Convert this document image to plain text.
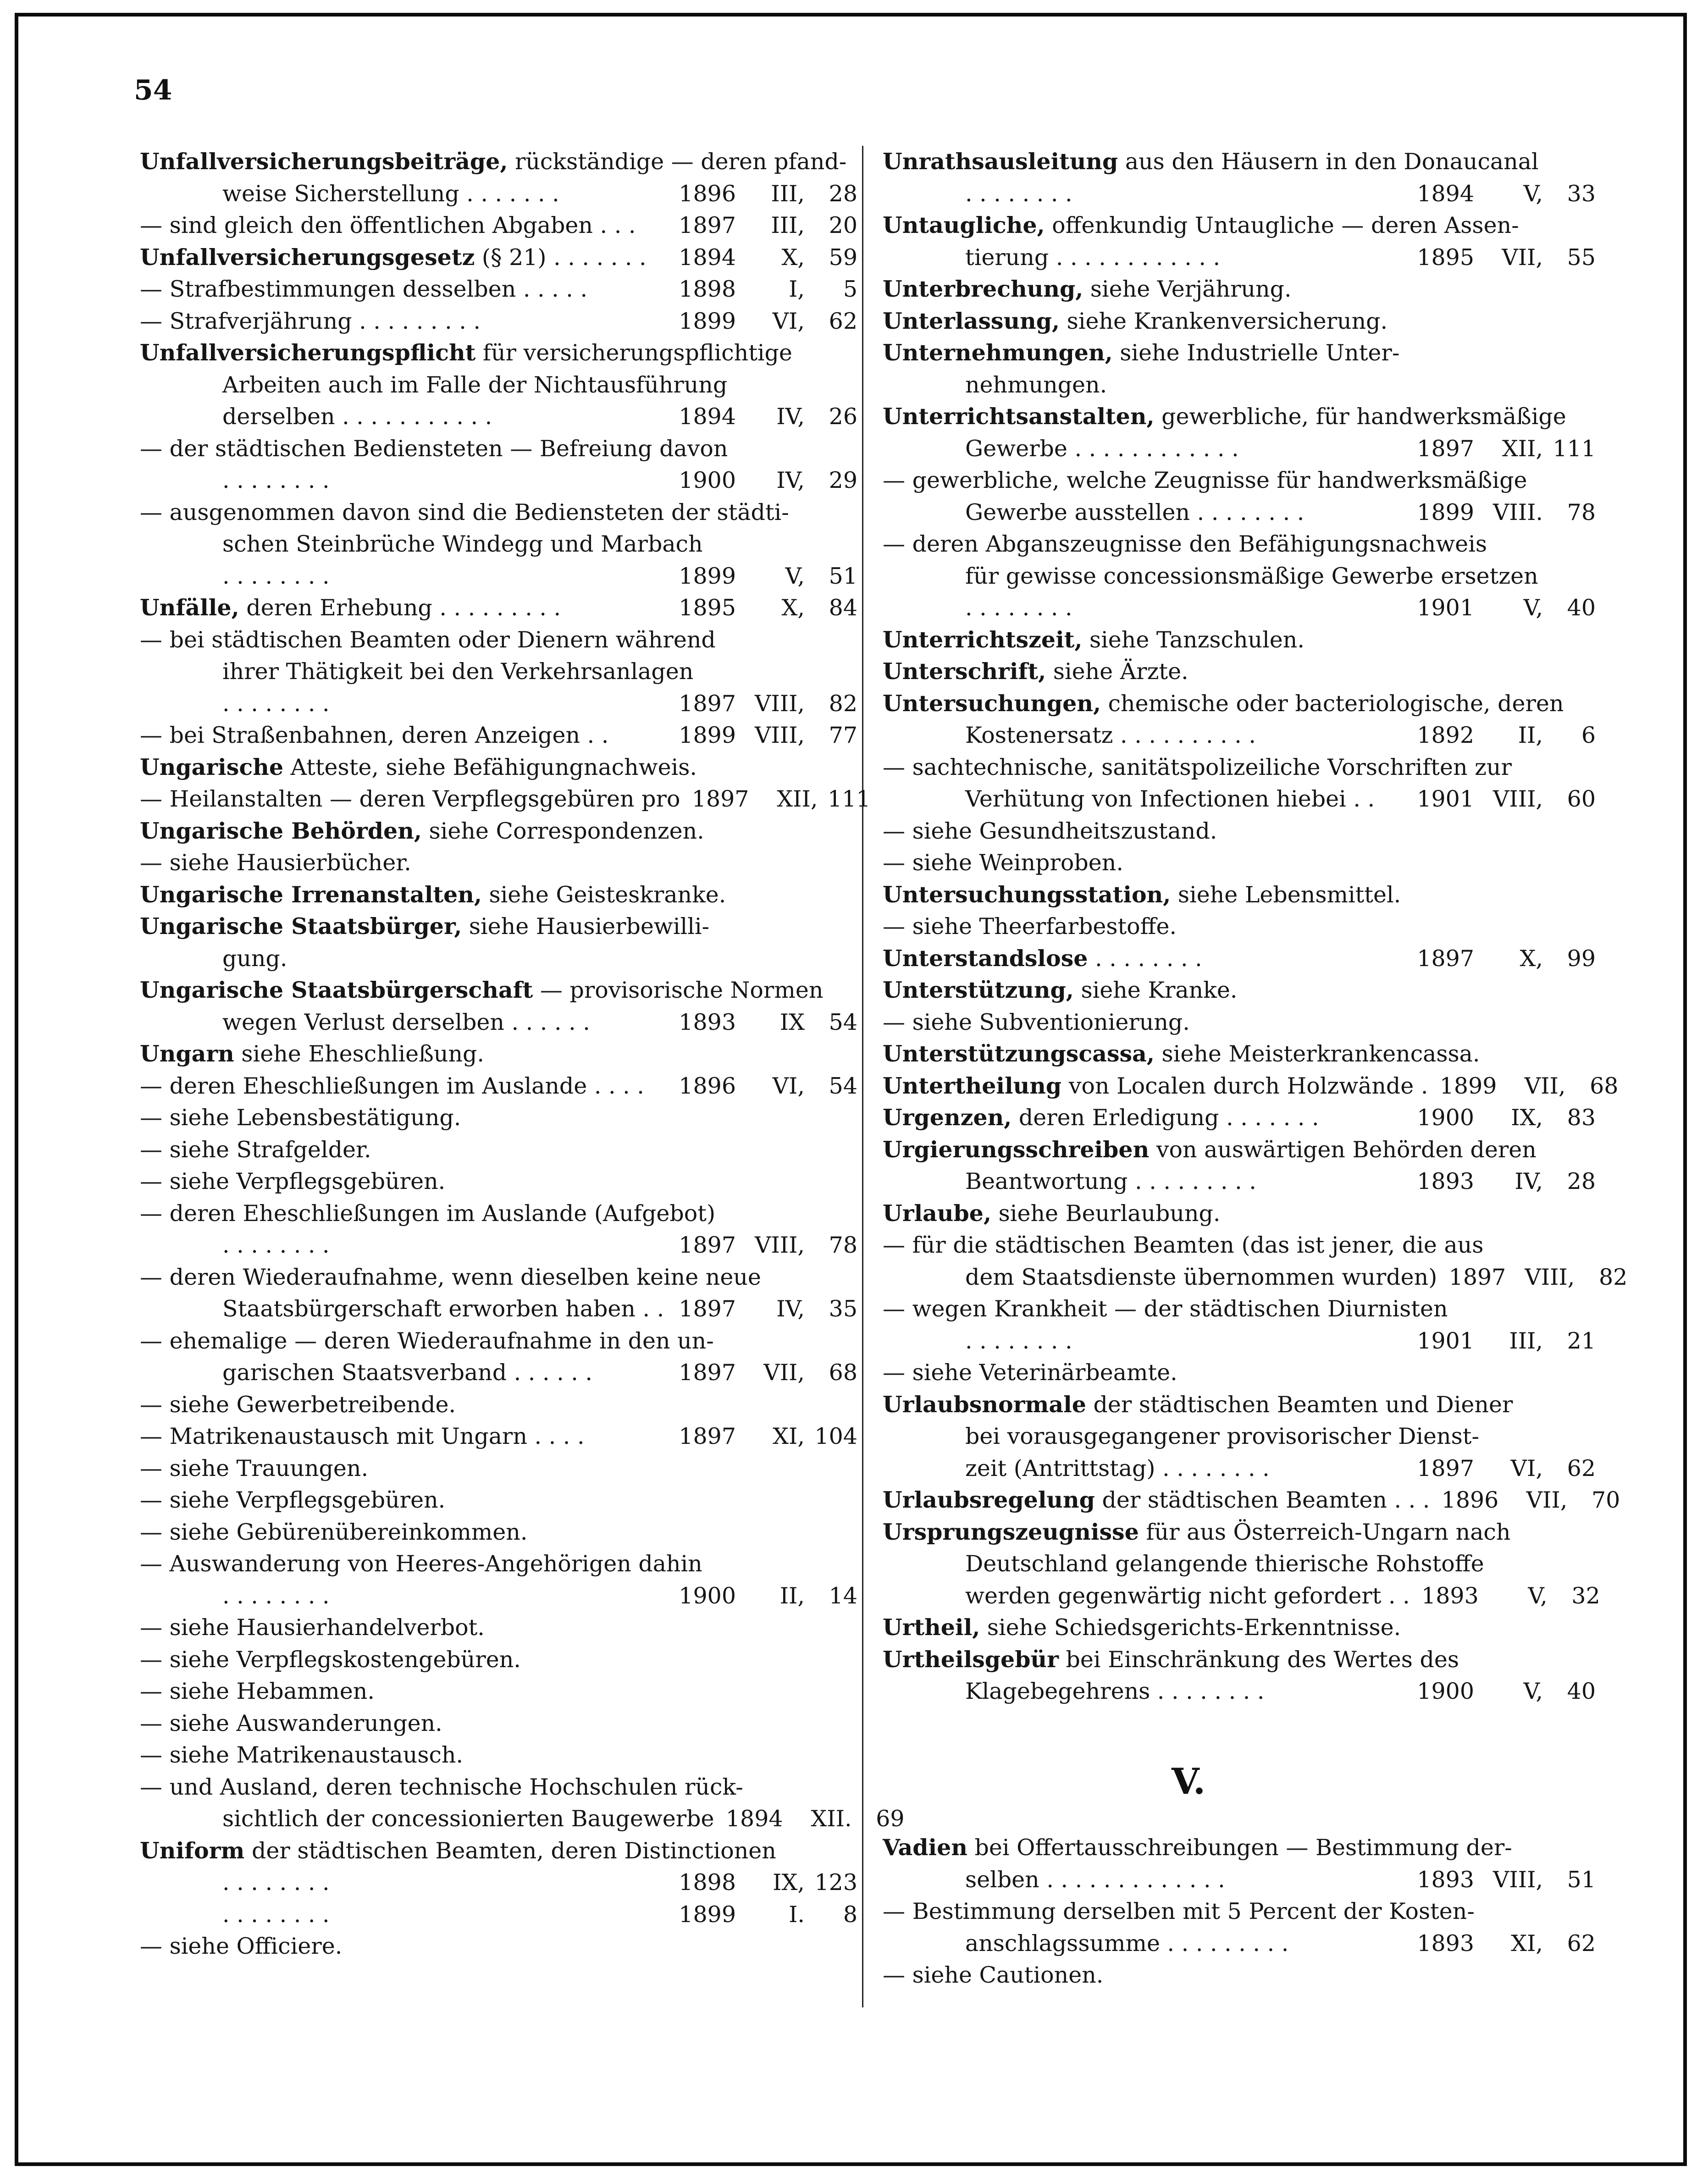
54
Unfallversicherungsbeiträge, rückständige — deren pfand-
weise Sicherstellung . . . . . . .	1896	III,	28
— sind gleich den öffentlichen Abgaben . . .	1897	III,	20
Unfallversicherungsgesetz (§ 21) . . . . . . .	1894	X,	59
— Strafbestimmungen desselben . . . . .	1898	I,	5
— Strafverjährung . . . . . . . . .	1899	VI,	62
Unfallversicherungspflicht für versicherungspflichtige
Arbeiten auch im Falle der Nichtausführung
derselben . . . . . . . . . . .	1894	IV,	26
— der städtischen Bediensteten — Befreiung davon
. . . . . . . .	1900	IV,	29
— ausgenommen davon sind die Bediensteten der städti-
schen Steinbrüche Windegg und Marbach
. . . . . . . .	1899	V,	51
Unfälle, deren Erhebung . . . . . . . . .	1895	X,	84
— bei städtischen Beamten oder Dienern während
ihrer Thätigkeit bei den Verkehrsanlagen
. . . . . . . .	1897 VIII,	82
— bei Straßenbahnen, deren Anzeigen . .	1899 VIII,	77
Ungarische Atteste, siehe Befähigungnachweis.
— Heilanstalten — deren Verpflegsgebüren pro 1897	XII, 111
Ungarische Behörden, siehe Correspondenzen.
— siehe Hausierbücher.
Ungarische Irrenanstalten, siehe Geisteskranke.
Ungarische Staatsbürger, siehe Hausierbewilli-
gung.
Ungarische Staatsbürgerschaft — provisorische Normen
wegen Verlust derselben . . . . . .	1893	IX	54
Ungarn siehe Eheschließung.
— deren Eheschließungen im Auslande . . . .	1896	VI,	54
— siehe Lebensbestätigung.
— siehe Strafgelder.
— siehe Verpflegsgebüren.
— deren Eheschließungen im Auslande (Aufgebot)
. . . . . . . .	1897 VIII,	78
— deren Wiederaufnahme, wenn dieselben keine neue
Staatsbürgerschaft erworben haben . . 1897	IV,	35
— ehemalige — deren Wiederaufnahme in den un-
garischen Staatsverband . . . . . .	1897	VII,	68
— siehe Gewerbetreibende.
— Matrikenaustausch mit Ungarn . . . .	1897	XI, 104
— siehe Trauungen.
— siehe Verpflegsgebüren.
— siehe Gebürenübereinkommen.
— Auswanderung von Heeres-Angehörigen dahin
. . . . . . . .	1900	II,	14
— siehe Hausierhandelverbot.
— siehe Verpflegskostengebüren.
— siehe Hebammen.
— siehe Auswanderungen.
— siehe Matrikenaustausch.
— und Ausland, deren technische Hochschulen rück-
sichtlich der concessionierten Baugewerbe 1894	XII.	69
Uniform der städtischen Beamten, deren Distinctionen
. . . . . . . .	1898	IX, 123
. . . . . . . .	1899	I.	8
— siehe Officiere.
Unrathsausleitung aus den Häusern in den Donaucanal
. . . . . . . .	1894	V,	33
Untaugliche, offenkundig Untaugliche — deren Assen-
tierung . . . . . . . . . . . .	1895	VII,	55
Unterbrechung, siehe Verjährung.
Unterlassung, siehe Krankenversicherung.
Unternehmungen, siehe Industrielle Unter-
nehmungen.
Unterrichtsanstalten, gewerbliche, für handwerksmäßige
Gewerbe . . . . . . . . . . . .	1897	XII, 111
— gewerbliche, welche Zeugnisse für handwerksmäßige
Gewerbe ausstellen . . . . . . . .	1899 VIII.	78
— deren Abganszeugnisse den Befähigungsnachweis
für gewisse concessionsmäßige Gewerbe ersetzen
. . . . . . . .	1901	V,	40
Unterrichtszeit, siehe Tanzschulen.
Unterschrift, siehe Ärzte.
Untersuchungen, chemische oder bacteriologische, deren
Kostenersatz . . . . . . . . . .	1892	II,	6
— sachtechnische, sanitätspolizeiliche Vorschriften zur
Verhütung von Infectionen hiebei . .	1901 VIII,	60
— siehe Gesundheitszustand.
— siehe Weinproben.
Untersuchungsstation, siehe Lebensmittel.
— siehe Theerfarbestoffe.
Unterstandslose . . . . . . . .	1897	X,	99
Unterstützung, siehe Kranke.
— siehe Subventionierung.
Unterstützungscassa, siehe Meisterkrankencassa.
Untertheilung von Localen durch Holzwände . 1899	VII,	68
Urgenzen, deren Erledigung . . . . . . .	1900	IX,	83
Urgierungsschreiben von auswärtigen Behörden deren
Beantwortung . . . . . . . . .	1893	IV,	28
Urlaube, siehe Beurlaubung.
— für die städtischen Beamten (das ist jener, die aus
dem Staatsdienste übernommen wurden) 1897 VIII,	82
— wegen Krankheit — der städtischen Diurnisten
. . . . . . . .	1901	III,	21
— siehe Veterinärbeamte.
Urlaubsnormale der städtischen Beamten und Diener
bei vorausgegangener provisorischer Dienst-
zeit (Antrittstag) . . . . . . . .	1897	VI,	62
Urlaubsregelung der städtischen Beamten . . . 1896	VII,	70
Ursprungszeugnisse für aus Österreich-Ungarn nach
Deutschland gelangende thierische Rohstoffe
werden gegenwärtig nicht gefordert . . 1893	V,	32
Urtheil, siehe Schiedsgerichts-Erkenntnisse.
Urtheilsgebür bei Einschränkung des Wertes des
Klagebegehrens . . . . . . . .	1900	V,	40
V.
Vadien bei Offertausschreibungen — Bestimmung der-
selben . . . . . . . . . . . . .	1893 VIII,	51
— Bestimmung derselben mit 5 Percent der Kosten-
anschlagssumme . . . . . . . . .	1893	XI,	62
— siehe Cautionen.
